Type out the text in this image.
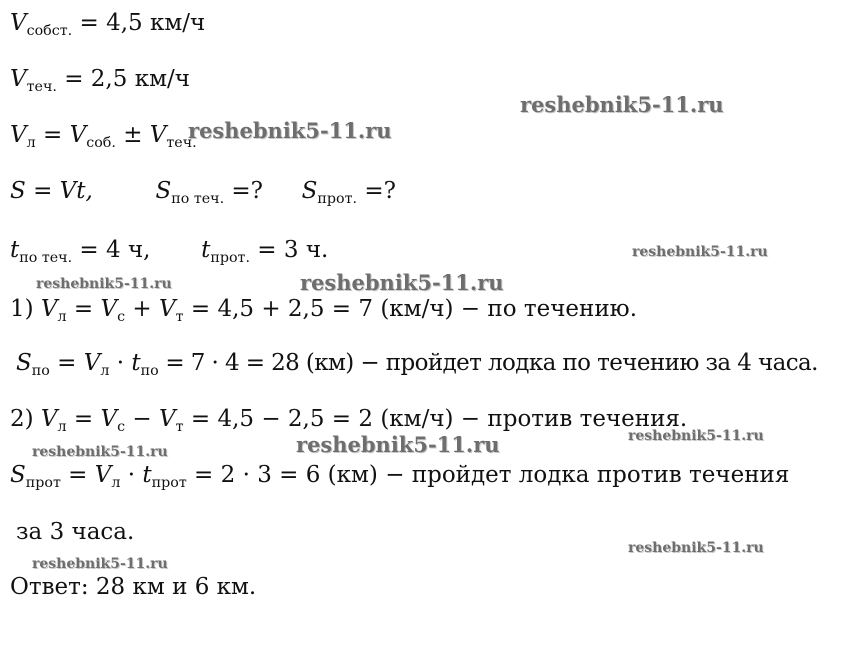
$V_{собст.} = 4,5$ км/ч
$V_{теч.} = 2,5$ км/ч
$V_л = V_{соб.} \pm V_{теч.}$
S = Vt,	$S_{по теч.}$ =? $S_{прот.}$ =?
$t_{по теч.} = 4$ ч, $t_{прот.} = 3$ ч.
1) $V_л = V_с + V_т = 4,5 + 2,5 = 7$ (км/ч) − по течению.
$S_{по} = V_л \cdot t_{по} = 7 \cdot 4 = 28$ (км) − пройдет лодка по течению за 4 часа.
2) $V_л = V_с - V_т = 4,5 - 2,5 = 2$ (км/ч) − против течения.
$S_{прот} = V_л \cdot t_{прот} = 2 \cdot 3 = 6$ (км) − пройдет лодка против течения
за 3 часа.
Ответ: 28 км и 6 км.
reshebnik5-11.ru
reshebnik5-11.ru
reshebnik5-11.ru
reshebnik5-11.ru	reshebnik5-11.ru
reshebnik5-11.ru	reshebnik5-11.ru
reshebnik5-11.ru
reshebnik5-11.ru
reshebnik5-11.ru
